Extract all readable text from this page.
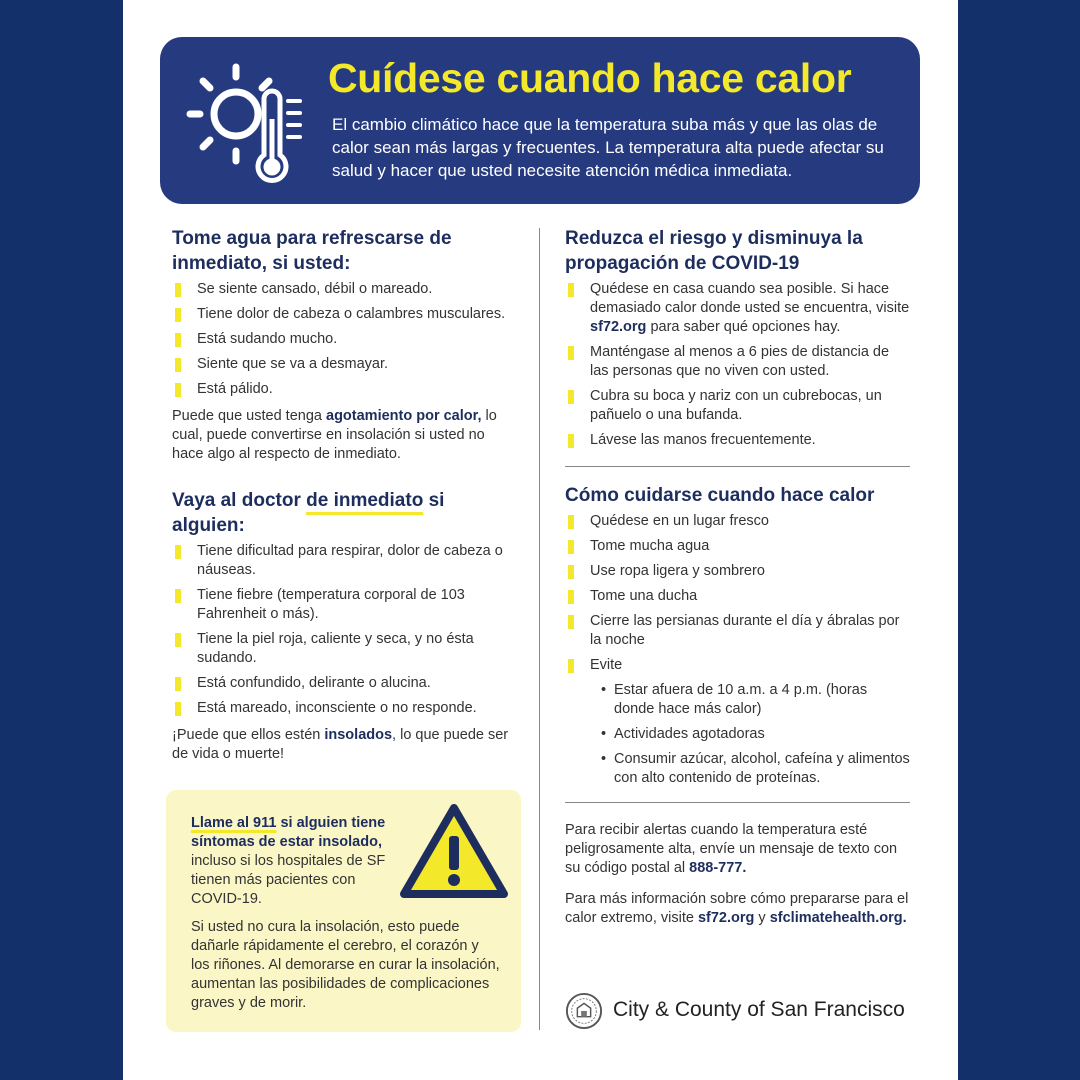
Cuídese cuando hace calor

El cambio climático hace que la temperatura suba más y que las olas de calor sean más largas y frecuentes. La temperatura alta puede afectar su salud y hacer que usted necesite atención médica inmediata.

Tome agua para refrescarse de inmediato, si usted:
Se siente cansado, débil o mareado.
Tiene dolor de cabeza o calambres musculares.
Está sudando mucho.
Siente que se va a desmayar.
Está pálido.

Puede que usted tenga agotamiento por calor, lo cual, puede convertirse en insolación si usted no hace algo al respecto de inmediato.

Vaya al doctor de inmediato si alguien:
Tiene dificultad para respirar, dolor de cabeza o náuseas.
Tiene fiebre (temperatura corporal de 103 Fahrenheit o más).
Tiene la piel roja, caliente y seca, y no ésta sudando.
Está confundido, delirante o alucina.
Está mareado, inconsciente o no responde.

¡Puede que ellos estén insolados, lo que puede ser de vida o muerte!

Llame al 911 si alguien tiene síntomas de estar insolado, incluso si los hospitales de SF tienen más pacientes con COVID-19.

Si usted no cura la insolación, esto puede dañarle rápidamente el cerebro, el corazón y los riñones. Al demorarse en curar la insolación, aumentan las posibilidades de complicaciones graves y de morir.

Reduzca el riesgo y disminuya la propagación de COVID-19
Quédese en casa cuando sea posible. Si hace demasiado calor donde usted se encuentra, visite sf72.org para saber qué opciones hay.
Manténgase al menos a 6 pies de distancia de las personas que no viven con usted.
Cubra su boca y nariz con un cubrebocas, un pañuelo o una bufanda.
Lávese las manos frecuentemente.
Cómo cuidarse cuando hace calor
Quédese en un lugar fresco
Tome mucha agua
Use ropa ligera y sombrero
Tome una ducha
Cierre las persianas durante el día y ábralas por la noche
Evite
• Estar afuera de 10 a.m. a 4 p.m. (horas donde hace más calor)
• Actividades agotadoras
• Consumir azúcar, alcohol, cafeína y alimentos con alto contenido de proteínas.

Para recibir alertas cuando la temperatura esté peligrosamente alta, envíe un mensaje de texto con su código postal al 888-777.

Para más información sobre cómo prepararse para el calor extremo, visite sf72.org y sfclimatehealth.org.

City & County of San Francisco
